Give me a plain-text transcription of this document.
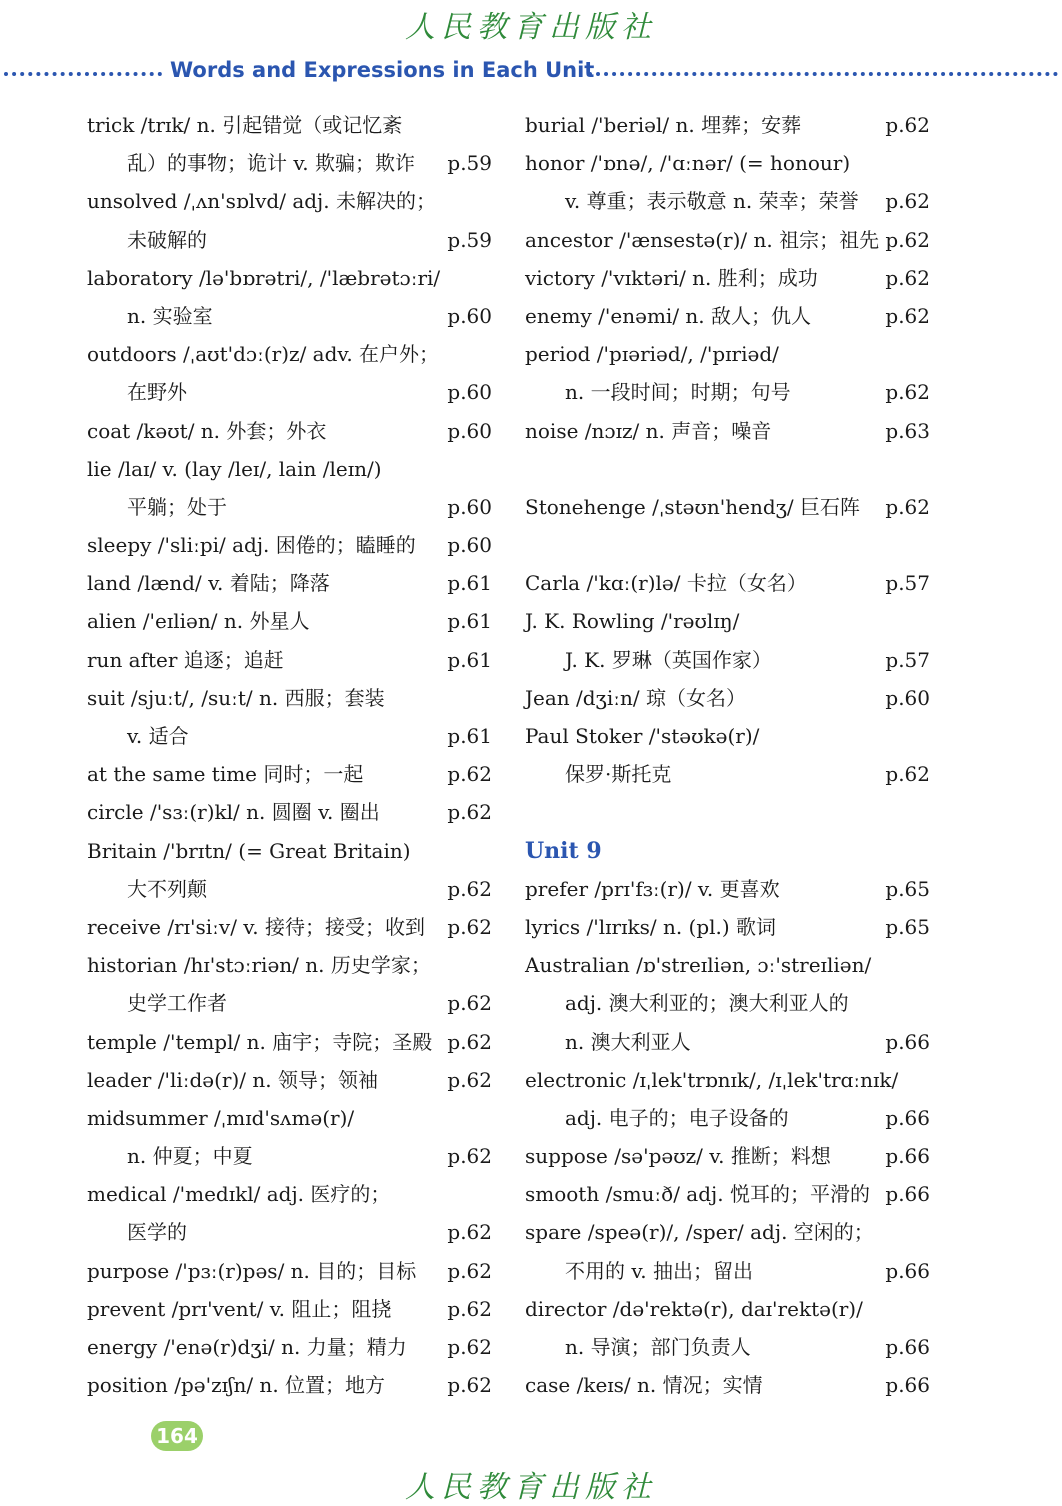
人民教育出版社
Words and Expressions in Each Unit
trick /trɪk/ n. 引起错觉（或记忆紊
乱）的事物；诡计 v. 欺骗；欺诈 p.59
unsolved /ˌʌn'sɒlvd/ adj. 未解决的；
未破解的	p.59
laboratory /lə'bɒrətri/, /'læbrətɔːri/
n. 实验室	p.60
outdoors /ˌaʊt'dɔː(r)z/ adv. 在户外；
在野外	p.60
coat /kəʊt/ n. 外套；外衣	p.60
lie /laɪ/ v. (lay /leɪ/, lain /leɪn/)
平躺；处于	p.60
sleepy /'sliːpi/ adj. 困倦的；瞌睡的 p.60
land /lænd/ v. 着陆；降落	p.61
alien /'eɪliən/ n. 外星人	p.61
run after 追逐；追赶	p.61
suit /sjuːt/, /suːt/ n. 西服；套装
v. 适合	p.61
at the same time 同时；一起	p.62
circle /'sɜː(r)kl/ n. 圆圈 v. 圈出	p.62
Britain /'brɪtn/ (= Great Britain)
大不列颠	p.62
receive /rɪ'siːv/ v. 接待；接受；收到 p.62
historian /hɪ'stɔːriən/ n. 历史学家；
史学工作者	p.62
temple /'templ/ n. 庙宇；寺院；圣殿 p.62
leader /'liːdə(r)/ n. 领导；领袖	p.62
midsummer /ˌmɪd'sʌmə(r)/
n. 仲夏；中夏	p.62
medical /'medɪkl/ adj. 医疗的；
医学的	p.62
purpose /'pɜː(r)pəs/ n. 目的；目标 p.62
prevent /prɪ'vent/ v. 阻止；阻挠	p.62
energy /'enə(r)dʒi/ n. 力量；精力 p.62
position /pə'zɪʃn/ n. 位置；地方	p.62
burial /'beriəl/ n. 埋葬；安葬	p.62
honor /'ɒnə/, /'ɑːnər/ (= honour)
v. 尊重；表示敬意 n. 荣幸；荣誉 p.62
ancestor /'ænsestə(r)/ n. 祖宗；祖先 p.62
victory /'vɪktəri/ n. 胜利；成功	p.62
enemy /'enəmi/ n. 敌人；仇人	p.62
period /'pɪəriəd/, /'pɪriəd/
n. 一段时间；时期；句号	p.62
noise /nɔɪz/ n. 声音；噪音	p.63
Stonehenge /ˌstəʊn'hendʒ/ 巨石阵 p.62
Carla /'kɑː(r)lə/ 卡拉（女名）	p.57
J. K. Rowling /'rəʊlɪŋ/
J. K. 罗琳（英国作家）	p.57
Jean /dʒiːn/ 琼（女名）	p.60
Paul Stoker /'stəʊkə(r)/
保罗·斯托克	p.62
Unit 9
prefer /prɪ'fɜː(r)/ v. 更喜欢	p.65
lyrics /'lɪrɪks/ n. (pl.) 歌词	p.65
Australian /ɒ'streɪliən, ɔː'streɪliən/
adj. 澳大利亚的；澳大利亚人的
n. 澳大利亚人	p.66
electronic /ɪˌlek'trɒnɪk/, /ɪˌlek'trɑːnɪk/
adj. 电子的；电子设备的	p.66
suppose /sə'pəʊz/ v. 推断；料想	p.66
smooth /smuːð/ adj. 悦耳的；平滑的 p.66
spare /speə(r)/, /sper/ adj. 空闲的；
不用的 v. 抽出；留出	p.66
director /də'rektə(r), daɪ'rektə(r)/
n. 导演；部门负责人	p.66
case /keɪs/ n. 情况；实情	p.66
164
人民教育出版社
